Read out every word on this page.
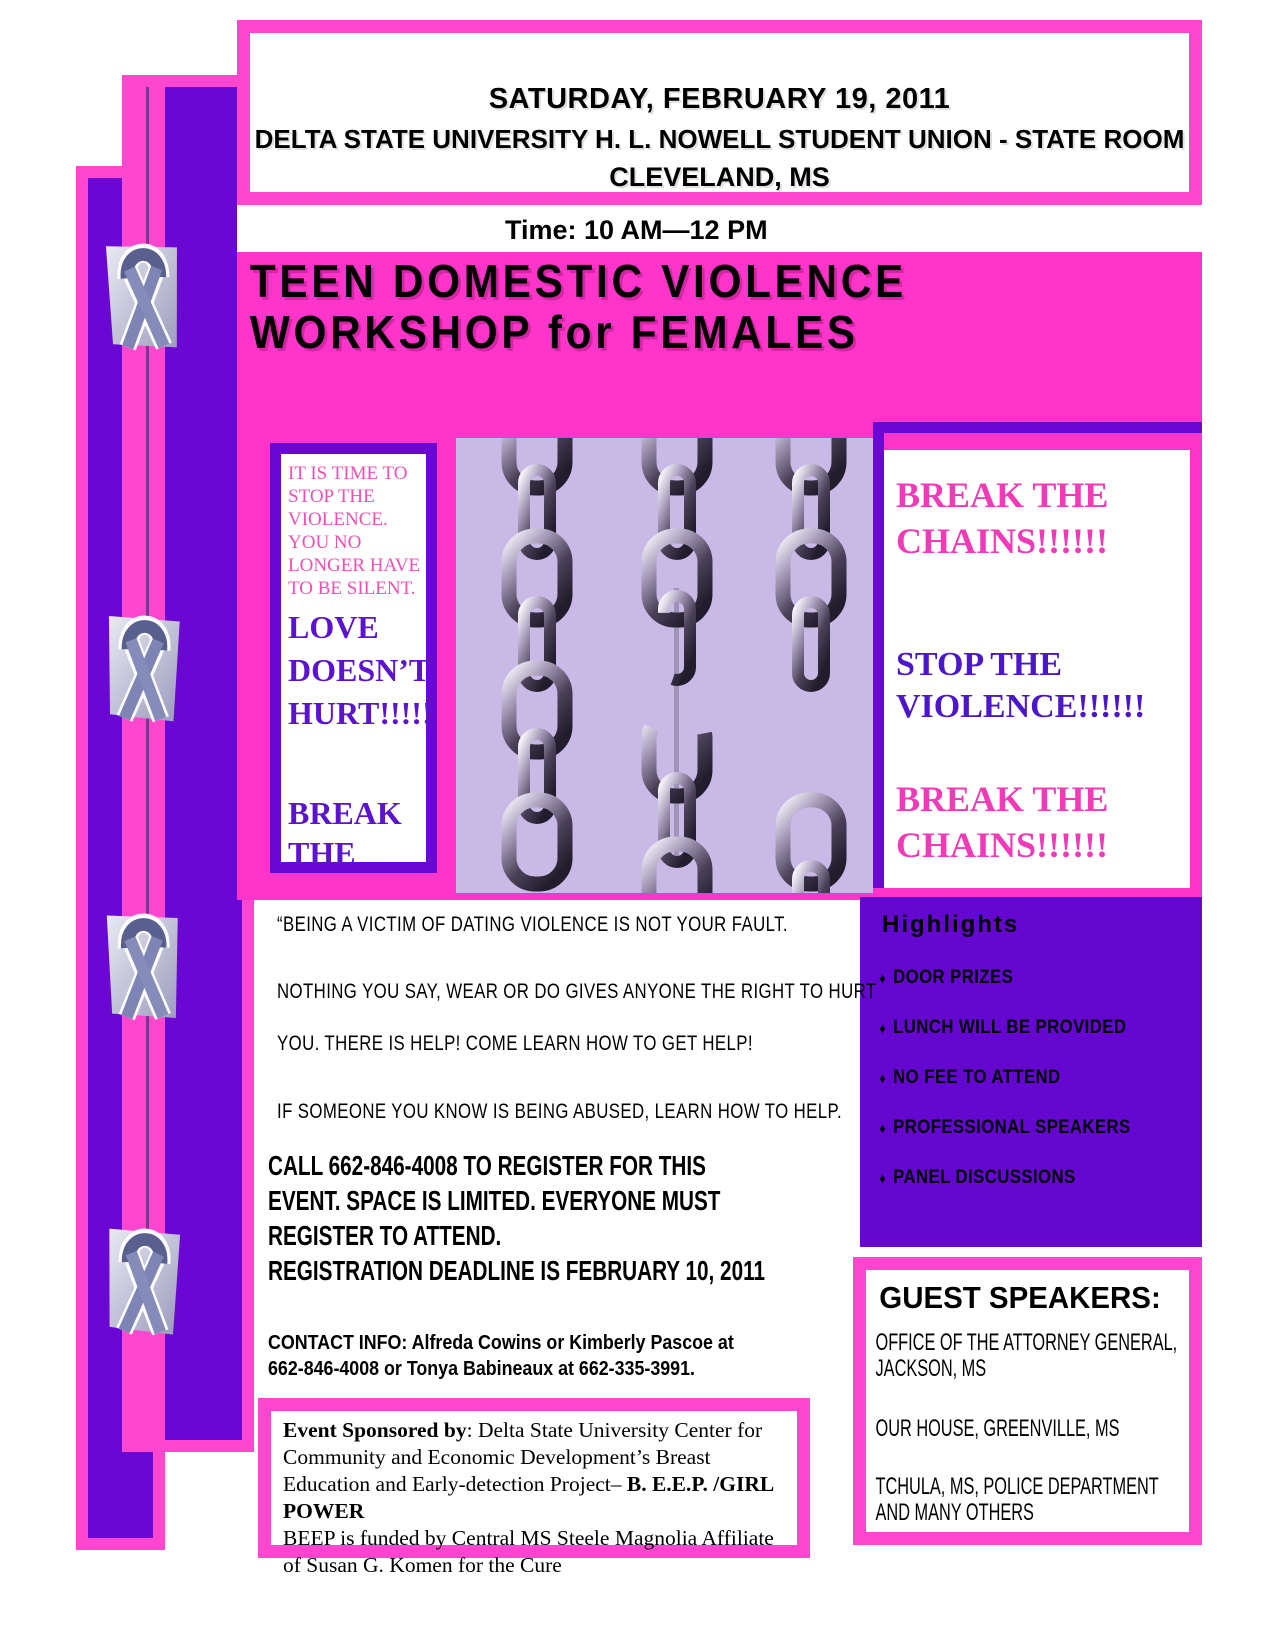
SATURDAY, FEBRUARY 19, 2011
DELTA STATE UNIVERSITY H. L. NOWELL STUDENT UNION - STATE ROOM
CLEVELAND, MS
Time: 10 AM—12 PM
TEEN DOMESTIC VIOLENCE
WORKSHOP for FEMALES
IT IS TIME TO STOP THE VIOLENCE. YOU NO LONGER HAVE TO BE SILENT.
LOVE DOESN’T HURT!!!!!
BREAK THE
BREAK THE CHAINS!!!!!!
STOP THE VIOLENCE!!!!!!
BREAK THE CHAINS!!!!!!
Highlights
♦ DOOR PRIZES
♦ LUNCH WILL BE PROVIDED
♦ NO FEE TO ATTEND
♦ PROFESSIONAL SPEAKERS
♦ PANEL DISCUSSIONS
“BEING A VICTIM OF DATING VIOLENCE IS NOT YOUR FAULT.
NOTHING YOU SAY, WEAR OR DO GIVES ANYONE THE RIGHT TO HURT
YOU. THERE IS HELP! COME LEARN HOW TO GET HELP!
IF SOMEONE YOU KNOW IS BEING ABUSED, LEARN HOW TO HELP.
CALL 662-846-4008 TO REGISTER FOR THIS
EVENT. SPACE IS LIMITED. EVERYONE MUST
REGISTER TO ATTEND.
REGISTRATION DEADLINE IS FEBRUARY 10, 2011
CONTACT INFO: Alfreda Cowins or Kimberly Pascoe at
662-846-4008 or Tonya Babineaux at 662-335-3991.

Event Sponsored by: Delta State University Center for Community and Economic Development’s Breast Education and Early-detection Project– B. E.E.P. /GIRL POWER

BEEP is funded by Central MS Steele Magnolia Affiliate of Susan G. Komen for the Cure

GUEST SPEAKERS:
OFFICE OF THE ATTORNEY GENERAL,
JACKSON, MS
OUR HOUSE, GREENVILLE, MS
TCHULA, MS, POLICE DEPARTMENT
AND MANY OTHERS
